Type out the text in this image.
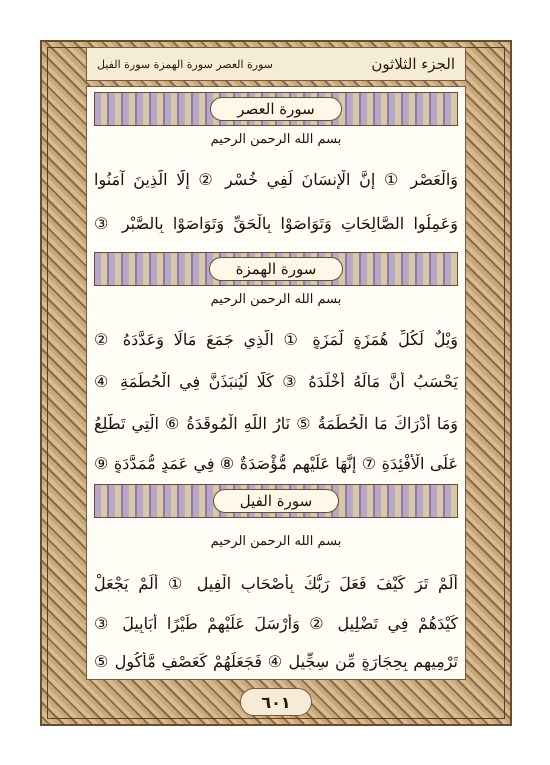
سورة العصر سورة الهمزة سورة الفيل	الجزء الثلاثون
سورة العصر
بسم الله الرحمن الرحيم
وَالْعَصْرِ ① إِنَّ الْإِنسَانَ لَفِي خُسْرٍ ② إِلَّا الَّذِينَ آمَنُوا
وَعَمِلُوا الصَّالِحَاتِ وَتَوَاصَوْا بِالْحَقِّ وَتَوَاصَوْا بِالصَّبْرِ ③
سورة الهمزة
بسم الله الرحمن الرحيم
وَيْلٌ لِّكُلِّ هُمَزَةٍ لُّمَزَةٍ ① الَّذِي جَمَعَ مَالًا وَعَدَّدَهُ ②
يَحْسَبُ أَنَّ مَالَهُ أَخْلَدَهُ ③ كَلَّا لَيُنبَذَنَّ فِي الْحُطَمَةِ ④
وَمَا أَدْرَاكَ مَا الْحُطَمَةُ ⑤ نَارُ اللَّهِ الْمُوقَدَةُ ⑥ الَّتِي تَطَّلِعُ
عَلَى الْأَفْئِدَةِ ⑦ إِنَّهَا عَلَيْهِم مُّؤْصَدَةٌ ⑧ فِي عَمَدٍ مُّمَدَّدَةٍ ⑨
سورة الفيل
بسم الله الرحمن الرحيم
أَلَمْ تَرَ كَيْفَ فَعَلَ رَبُّكَ بِأَصْحَابِ الْفِيلِ ① أَلَمْ يَجْعَلْ
كَيْدَهُمْ فِي تَضْلِيلٍ ② وَأَرْسَلَ عَلَيْهِمْ طَيْرًا أَبَابِيلَ ③
تَرْمِيهِم بِحِجَارَةٍ مِّن سِجِّيلٍ ④ فَجَعَلَهُمْ كَعَصْفٍ مَّأْكُولٍ ⑤
٦٠١
